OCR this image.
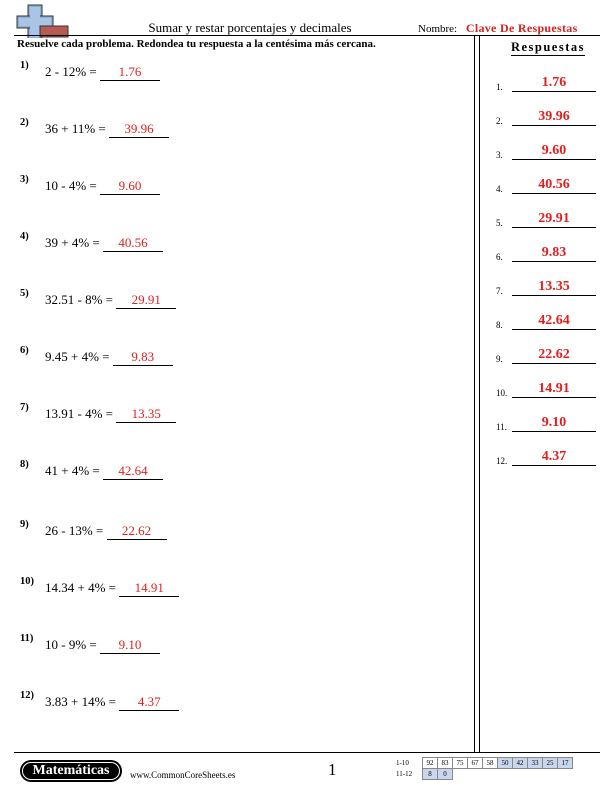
Sumar y restar porcentajes y decimales	Nombre: Clave De Respuestas
Resuelve cada problema. Redondea tu respuesta a la centésima más cercana.	Respuestas
1) 2 - 12% = 1.76
2) 36 + 11% = 39.96
3) 10 - 4% = 9.60
4) 39 + 4% = 40.56
5) 32.51 - 8% = 29.91
6) 9.45 + 4% = 9.83
7) 13.91 - 4% = 13.35
8) 41 + 4% = 42.64
9) 26 - 13% = 22.62
10) 14.34 + 4% = 14.91
11) 10 - 9% = 9.10
12) 3.83 + 14% = 4.37
1.	1.76
2.	39.96
3.	9.60
4.	40.56
5.	29.91
6.	9.83
7.	13.35
8.	42.64
9.	22.62
10.	14.91
11.	9.10
12.	4.37
Matemáticas	www.CommonCoreSheets.es	1	1-10	92	83	75	67	58	50	42	33	25	17
11-12	8	0								
